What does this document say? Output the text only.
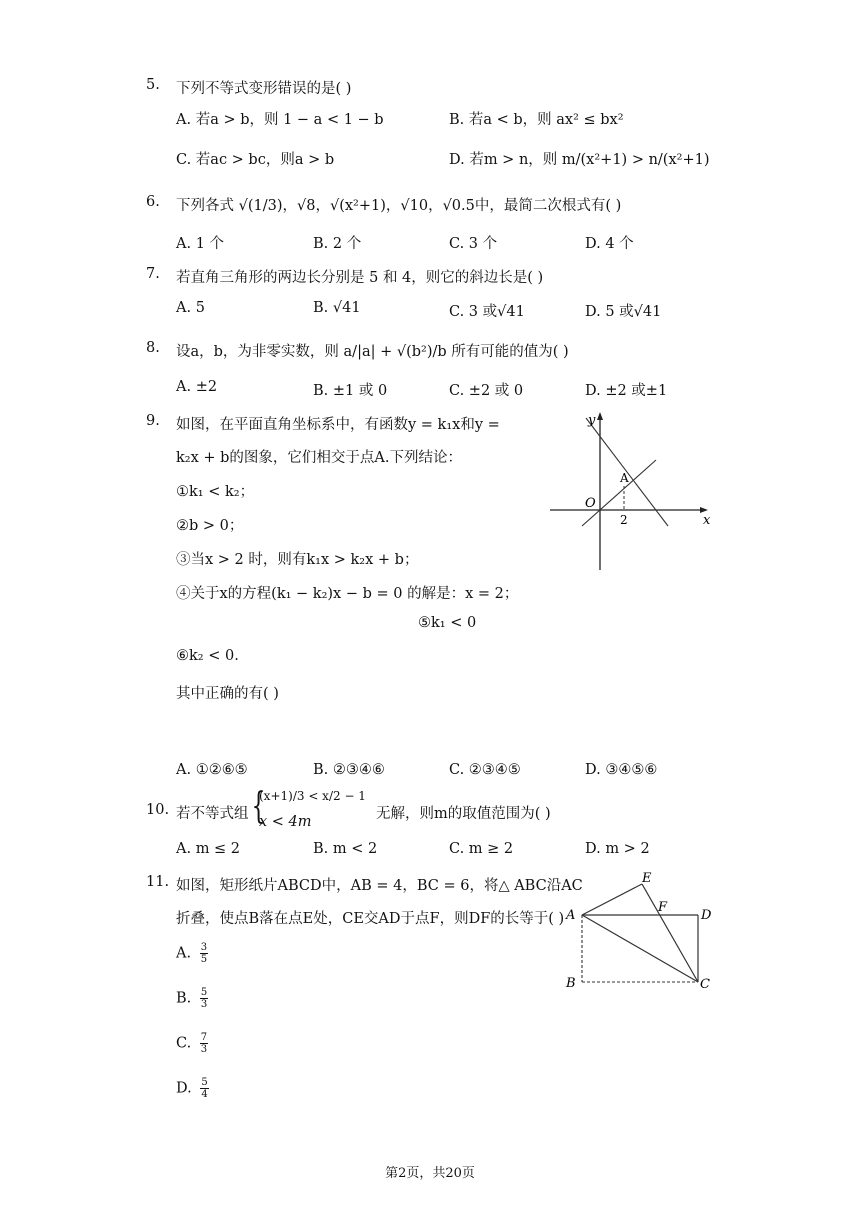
5. 下列不等式变形错误的是( )
A. 若a > b，则 1 − a < 1 − b	B. 若a < b，则 ax² ≤ bx²
C. 若ac > bc，则a > b	D. 若m > n，则 m/(x²+1) > n/(x²+1)
6. 下列各式 √(1/3)，√8，√(x²+1)，√10，√0.5中，最简二次根式有( )
A. 1 个	B. 2 个	C. 3 个	D. 4 个
7. 若直角三角形的两边长分别是 5 和 4，则它的斜边长是( )
A. 5	B. √41	C. 3 或√41	D. 5 或√41
8. 设a，b，为非零实数，则 a/|a| + √(b²)/b 所有可能的值为( )
A. ±2	B. ±1 或 0	C. ±2 或 0	D. ±2 或±1
9. 如图，在平面直角坐标系中，有函数y = k₁x和y =
k₂x + b的图象，它们相交于点A.下列结论：
①k₁ < k₂；
②b > 0；
③当x > 2 时，则有k₁x > k₂x + b；
④关于x的方程(k₁ − k₂)x − b = 0 的解是：x = 2；
⑤k₁ < 0
⑥k₂ < 0.
其中正确的有( )
A. ①②⑥⑤	B. ②③④⑥	C. ②③④⑤	D. ③④⑤⑥
y
x
O
A
2
10. 若不等式组 {
(x+1)/3 < x/2 − 1
x < 4m	无解，则m的取值范围为( )
A. m ≤ 2	B. m < 2	C. m ≥ 2	D. m > 2
11. 如图，矩形纸片ABCD中，AB = 4，BC = 6，将△ ABC沿AC
折叠，使点B落在点E处，CE交AD于点F，则DF的长等于( )
A. $\frac{3}{5}$
B. $\frac{5}{3}$
C. $\frac{7}{3}$
D. $\frac{5}{4}$
A
B	C
D
E
F
第2页，共20页
